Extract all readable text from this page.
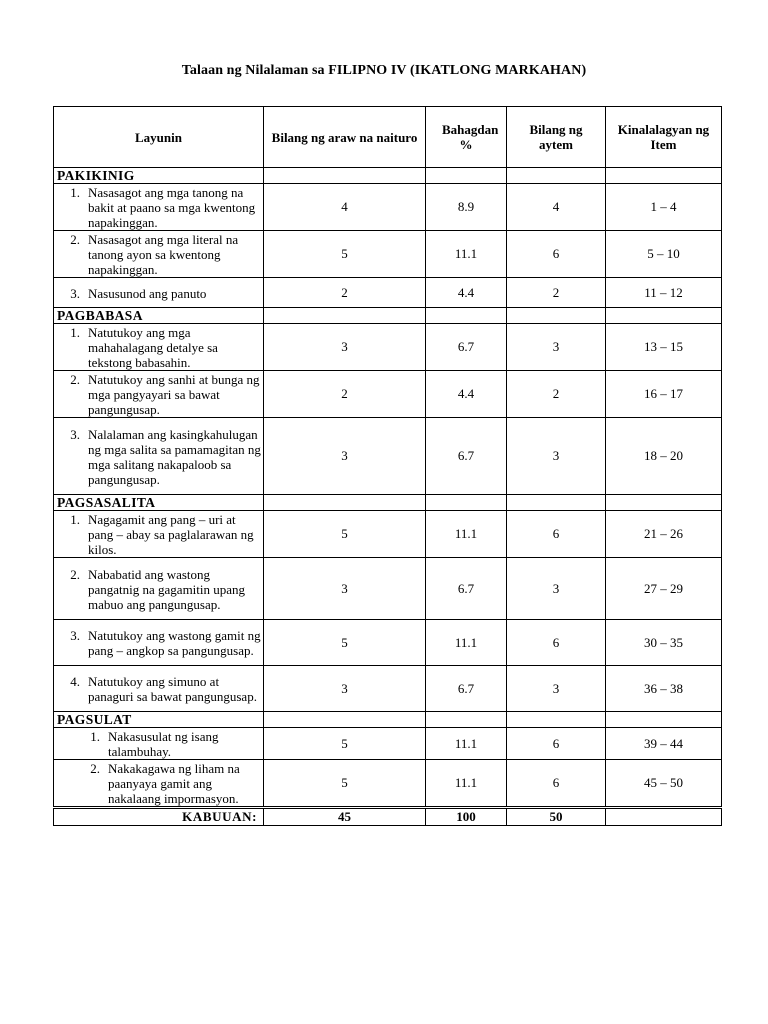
Talaan ng Nilalaman sa FILIPNO IV (IKATLONG MARKAHAN)
Layunin	Bilang ng araw na naituro	Bahagdan %	Bilang ng aytem	Kinalalagyan ng Item
PAKIKINIG				

1. Nasasagot ang mga tanong na bakit at paano sa mga kwentong napakinggan.	4	8.9	4	1 – 4

2. Nasasagot ang mga literal na tanong ayon sa kwentong napakinggan.	5	11.1	6	5 – 10

3. Nasusunod ang panuto	2	4.4	2	11 – 12
PAGBABASA				

1. Natutukoy ang mga mahahalagang detalye sa tekstong babasahin.	3	6.7	3	13 – 15

2. Natutukoy ang sanhi at bunga ng mga pangyayari sa bawat pangungusap.	2	4.4	2	16 – 17

3. Nalalaman ang kasingkahulugan ng mga salita sa pamamagitan ng mga salitang nakapaloob sa pangungusap.	3	6.7	3	18 – 20
PAGSASALITA				

1. Nagagamit ang pang – uri at pang – abay sa paglalarawan ng kilos.	5	11.1	6	21 – 26

2. Nababatid ang wastong pangatnig na gagamitin upang mabuo ang pangungusap.	3	6.7	3	27 – 29

3. Natutukoy ang wastong gamit ng pang – angkop sa pangungusap.	5	11.1	6	30 – 35

4. Natutukoy ang simuno at panaguri sa bawat pangungusap.	3	6.7	3	36 – 38
PAGSULAT				

1. Nakasusulat ng isang talambuhay.	5	11.1	6	39 – 44

2. Nakakagawa ng liham na paanyaya gamit ang nakalaang impormasyon.	5	11.1	6	45 – 50
KABUUAN:	45	100	50	
